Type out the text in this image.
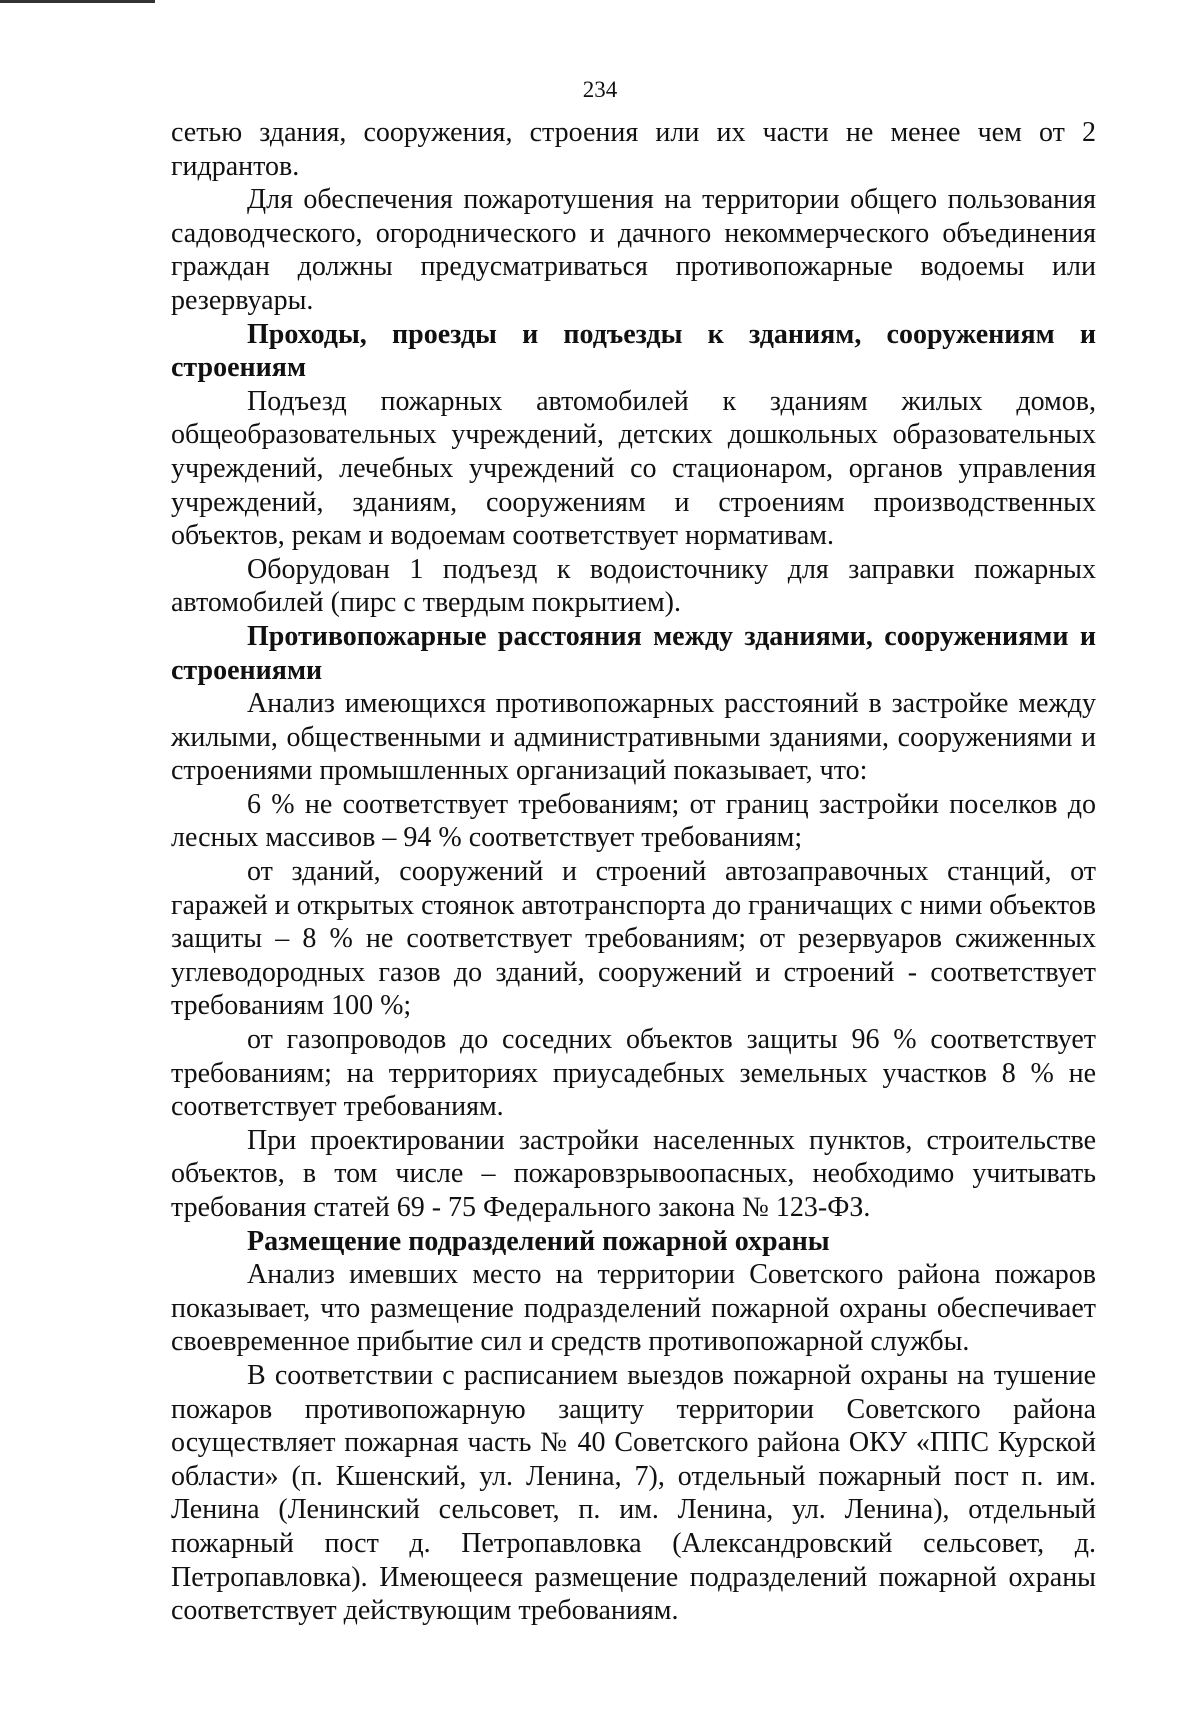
234

сетью здания, сооружения, строения или их части не менее чем от 2 гидрантов.

Для обеспечения пожаротушения на территории общего пользования садоводческого, огороднического и дачного некоммерческого объединения граждан должны предусматриваться противопожарные водоемы или резервуары.

Проходы, проезды и подъезды к зданиям, сооружениям и строениям

Подъезд пожарных автомобилей к зданиям жилых домов, общеобразовательных учреждений, детских дошкольных образовательных учреждений, лечебных учреждений со стационаром, органов управления учреждений, зданиям, сооружениям и строениям производственных объектов, рекам и водоемам соответствует нормативам.

Оборудован 1 подъезд к водоисточнику для заправки пожарных автомобилей (пирс с твердым покрытием).

Противопожарные расстояния между зданиями, сооружениями и строениями

Анализ имеющихся противопожарных расстояний в застройке между жилыми, общественными и административными зданиями, сооружениями и строениями промышленных организаций показывает, что:

6 % не соответствует требованиям; от границ застройки поселков до лесных массивов – 94 % соответствует требованиям;

от зданий, сооружений и строений автозаправочных станций, от гаражей и открытых стоянок автотранспорта до граничащих с ними объектов защиты – 8 % не соответствует требованиям; от резервуаров сжиженных углеводородных газов до зданий, сооружений и строений - соответствует требованиям 100 %;

от газопроводов до соседних объектов защиты 96 % соответствует требованиям; на территориях приусадебных земельных участков 8 % не соответствует требованиям.

При проектировании застройки населенных пунктов, строительстве объектов, в том числе – пожаровзрывоопасных, необходимо учитывать требования статей 69 - 75 Федерального закона № 123-ФЗ.

Размещение подразделений пожарной охраны

Анализ имевших место на территории Советского района пожаров показывает, что размещение подразделений пожарной охраны обеспечивает своевременное прибытие сил и средств противопожарной службы.

В соответствии с расписанием выездов пожарной охраны на тушение пожаров противопожарную защиту территории Советского района осуществляет пожарная часть № 40 Советского района ОКУ «ППС Курской области» (п. Кшенский, ул. Ленина, 7), отдельный пожарный пост п. им. Ленина (Ленинский сельсовет, п. им. Ленина, ул. Ленина), отдельный пожарный пост д. Петропавловка (Александровский сельсовет, д. Петропавловка). Имеющееся размещение подразделений пожарной охраны соответствует действующим требованиям.
